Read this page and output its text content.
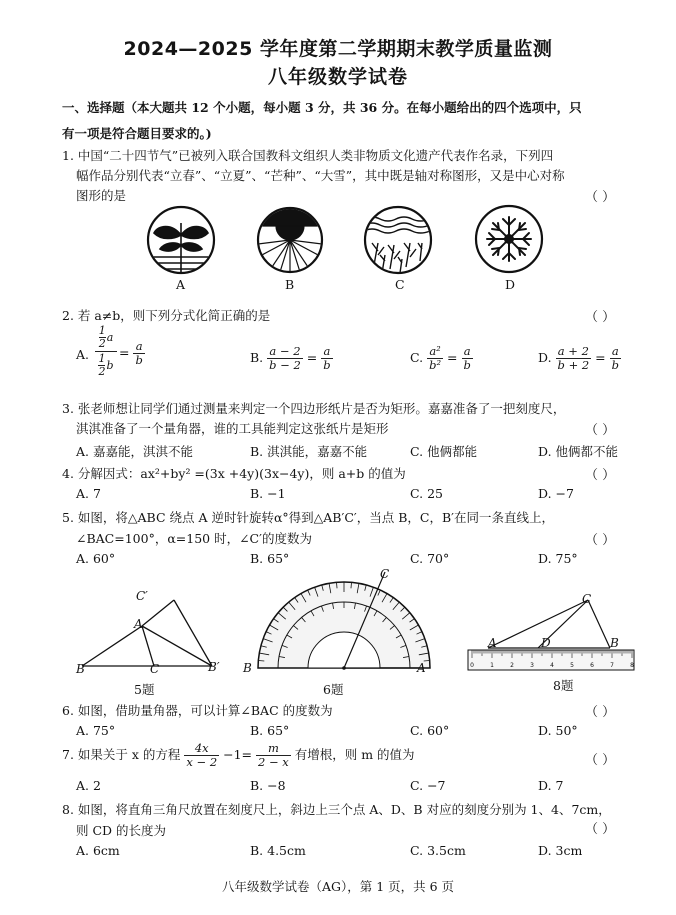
2024—2025 学年度第二学期期末教学质量监测
八年级数学试卷
一、选择题（本大题共 12 个小题，每小题 3 分，共 36 分。在每小题给出的四个选项中，只
有一项是符合题目要求的。)
1. 中国“二十四节气”已被列入联合国教科文组织人类非物质文化遗产代表作名录，下列四
幅作品分别代表“立春”、“立夏”、“芒种”、“大雪”，其中既是轴对称图形，又是中心对称
图形的是	（ ）
A	B	C	D
2. 若 a≠b，则下列分式化简正确的是	（ ）
A.
1
2 a
1
2 b
= $\frac{a}{b}$	B. $\frac{a - 2}{b - 2} = \frac{a}{b}$	C. $\frac{\text{a²}}{\text{b²}} = \frac{a}{b}$	D. $\frac{a + 2}{b + 2} = \frac{a}{b}$
3. 张老师想让同学们通过测量来判定一个四边形纸片是否为矩形。嘉嘉准备了一把刻度尺，
淇淇准备了一个量角器，谁的工具能判定这张纸片是矩形	（ ）
A. 嘉嘉能，淇淇不能	B. 淇淇能，嘉嘉不能	C. 他俩都能	D. 他俩都不能
4. 分解因式：ax²+by² =(3x +4y)(3x−4y)，则 a+b 的值为	（ ）
A. 7	B. −1	C. 25	D. −7
5. 如图，将△ABC 绕点 A 逆时针旋转α°得到△AB′C′，当点 B，C，B′在同一条直线上，
∠BAC=100°，α=150 时，∠C′的度数为	（ ）
A. 60°	B. 65°	C. 70°	D. 75°
C′
A
B	C	B′
5题
B	A
C
6题
0	1	2	3	4	5	6	7	8
A	D	B
C
8题
6. 如图，借助量角器，可以计算∠BAC 的度数为	（ ）
A. 75°	B. 65°	C. 60°	D. 50°
7. 如果关于 x 的方程 $\frac{4x}{x - 2} -1= \frac{m}{2 - x}$ 有增根，则 m 的值为	（ ）
A. 2	B. −8	C. −7	D. 7
8. 如图，将直角三角尺放置在刻度尺上，斜边上三个点 A、D、B 对应的刻度分别为 1、4、7cm，
则 CD 的长度为	（ ）
A. 6cm	B. 4.5cm	C. 3.5cm	D. 3cm
八年级数学试卷（AG），第 1 页，共 6 页
